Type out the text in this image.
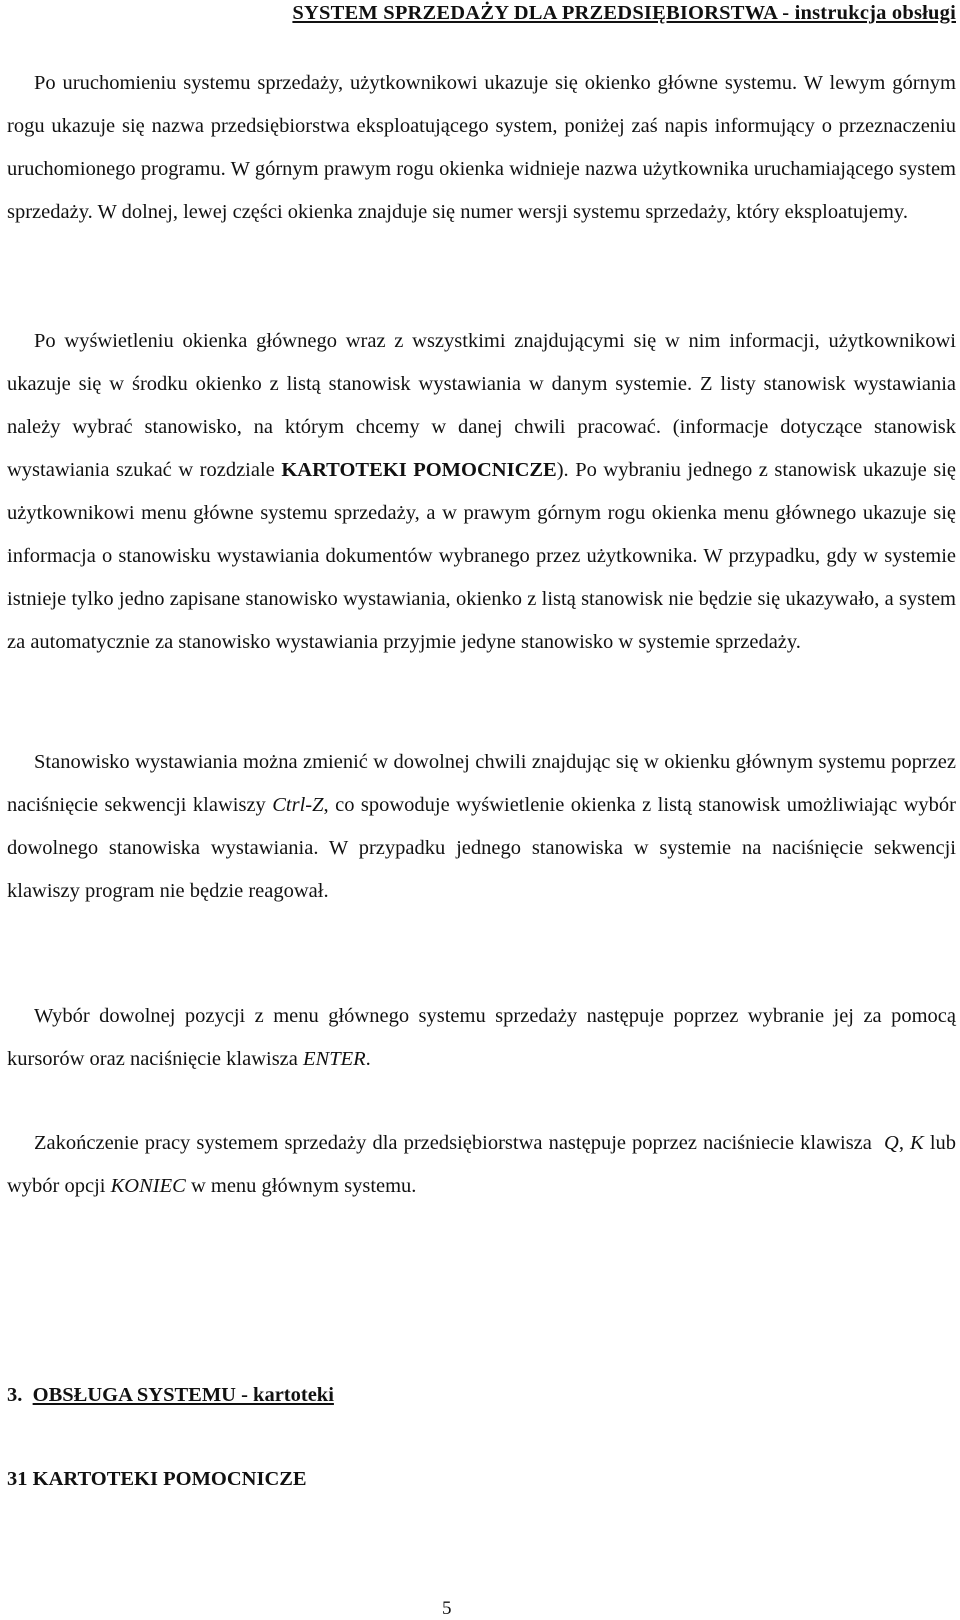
SYSTEM SPRZEDAŻY DLA PRZEDSIĘBIORSTWA - instrukcja obsługi

Po uruchomieniu systemu sprzedaży, użytkownikowi ukazuje się okienko główne systemu. W lewym górnym rogu ukazuje się nazwa przedsiębiorstwa eksploatującego system, poniżej zaś napis informujący o przeznaczeniu uruchomionego programu. W górnym prawym rogu okienka widnieje nazwa użytkownika uruchamiającego system sprzedaży. W dolnej, lewej części okienka znajduje się numer wersji systemu sprzedaży, który eksploatujemy.

Po wyświetleniu okienka głównego wraz z wszystkimi znajdującymi się w nim informacji, użytkownikowi ukazuje się w środku okienko z listą stanowisk wystawiania w danym systemie. Z listy stanowisk wystawiania należy wybrać stanowisko, na którym chcemy w danej chwili pracować. (informacje dotyczące stanowisk wystawiania szukać w rozdziale KARTOTEKI POMOCNICZE). Po wybraniu jednego z stanowisk ukazuje się użytkownikowi menu główne systemu sprzedaży, a w prawym górnym rogu okienka menu głównego ukazuje się informacja o stanowisku wystawiania dokumentów wybranego przez użytkownika. W przypadku, gdy w systemie istnieje tylko jedno zapisane stanowisko wystawiania, okienko z listą stanowisk nie będzie się ukazywało, a system za automatycznie za stanowisko wystawiania przyjmie jedyne stanowisko w systemie sprzedaży.

Stanowisko wystawiania można zmienić w dowolnej chwili znajdując się w okienku głównym systemu poprzez naciśnięcie sekwencji klawiszy Ctrl-Z, co spowoduje wyświetlenie okienka z listą stanowisk umożliwiając wybór dowolnego stanowiska wystawiania. W przypadku jednego stanowiska w systemie na naciśnięcie sekwencji klawiszy program nie będzie reagował.

Wybór dowolnej pozycji z menu głównego systemu sprzedaży następuje poprzez wybranie jej za pomocą kursorów oraz naciśnięcie klawisza ENTER.

Zakończenie pracy systemem sprzedaży dla przedsiębiorstwa następuje poprzez naciśniecie klawisza Q, K lub wybór opcji KONIEC w menu głównym systemu.

3. OBSŁUGA SYSTEMU - kartoteki
31 KARTOTEKI POMOCNICZE
5
